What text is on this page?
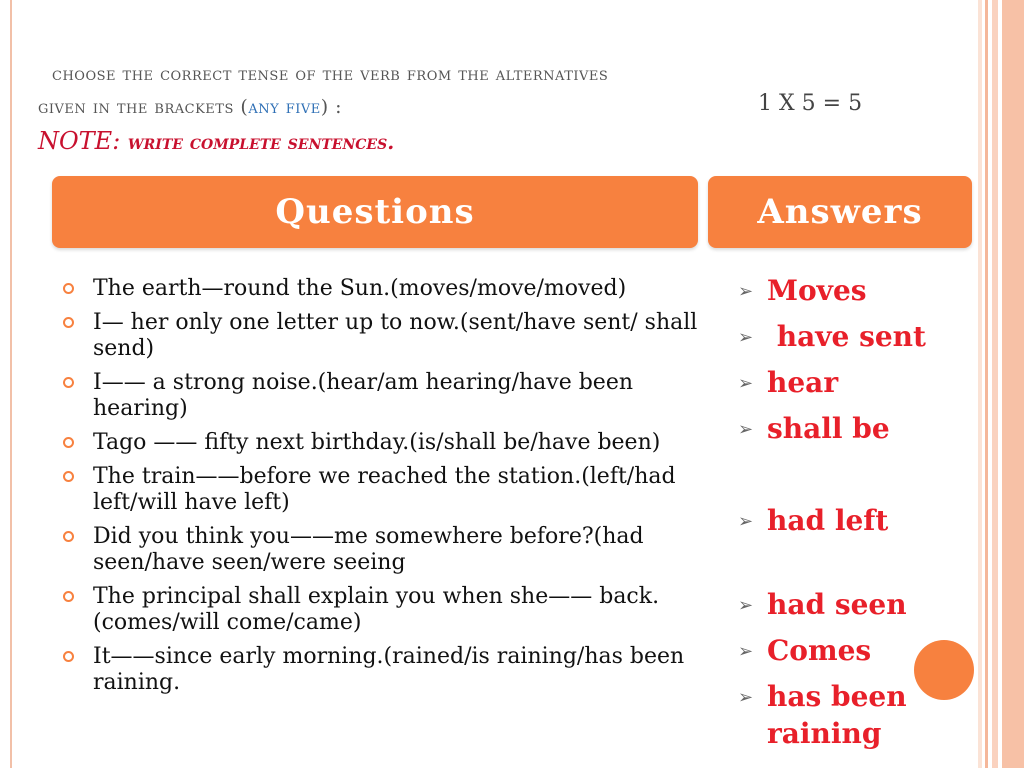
choose the correct tense of the verb from the alternatives
given in the brackets (any five) :	1 X 5 = 5
NOTE: write complete sentences.
Questions	Answers
The earth—round the Sun.(moves/move/moved)
I— her only one letter up to now.(sent/have sent/ shall send)
I—— a strong noise.(hear/am hearing/have been hearing)
Tago —— fifty next birthday.(is/shall be/have been)
The train——before we reached the station.(left/had left/will have left)
Did you think you——me somewhere before?(had seen/have seen/were seeing
The principal shall explain you when she—— back.(comes/will come/came)
It——since early morning.(rained/is raining/has been raining.
➢ Moves
➢ have sent
➢ hear
➢ shall be
➢ had left
➢ had seen
➢ Comes
➢ has been raining
